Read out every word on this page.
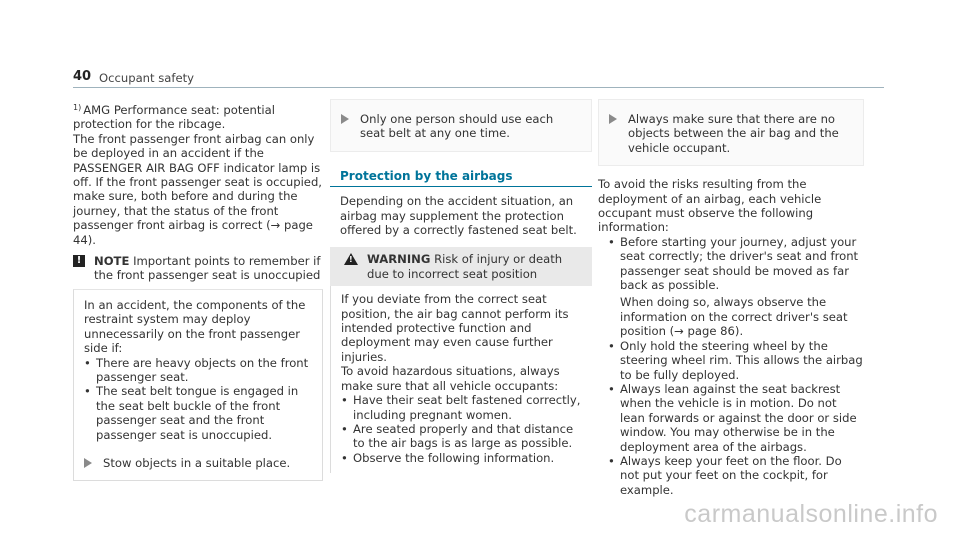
40 Occupant safety

$^{1)}$ AMG Performance seat: potential protection for the ribcage.

The front passenger front airbag can only be deployed in an accident if the PASSENGER AIR BAG OFF indicator lamp is off. If the front passenger seat is occupied, make sure, both before and during the journey, that the status of the front passenger front airbag is correct (→ page 44).

!	NOTE Important points to remember if the front passenger seat is unoccupied

In an accident, the components of the restraint system may deploy unnecessarily on the front passenger side if:

• There are heavy objects on the front passenger seat.
• The seat belt tongue is engaged in the seat belt buckle of the front passenger seat and the front passenger seat is unoccupied.
Stow objects in a suitable place.
Only one person should use each seat belt at any one time.
Protection by the airbags

Depending on the accident situation, an airbag may supplement the protection offered by a correctly fastened seat belt.

! WARNING Risk of injury or death due to incorrect seat position

If you deviate from the correct seat position, the air bag cannot perform its intended protective function and deployment may even cause further injuries.

To avoid hazardous situations, always make sure that all vehicle occupants:

• Have their seat belt fastened correctly, including pregnant women.
• Are seated properly and that distance to the air bags is as large as possible.
• Observe the following information.
Always make sure that there are no objects between the air bag and the vehicle occupant.

To avoid the risks resulting from the deployment of an airbag, each vehicle occupant must observe the following information:

• Before starting your journey, adjust your seat correctly; the driver's seat and front passenger seat should be moved as far back as possible.
When doing so, always observe the information on the correct driver's seat position (→ page 86).
• Only hold the steering wheel by the steering wheel rim. This allows the airbag to be fully deployed.
• Always lean against the seat backrest when the vehicle is in motion. Do not lean forwards or against the door or side window. You may otherwise be in the deployment area of the airbags.
• Always keep your feet on the floor. Do not put your feet on the cockpit, for example.
carmanualsonline.info
